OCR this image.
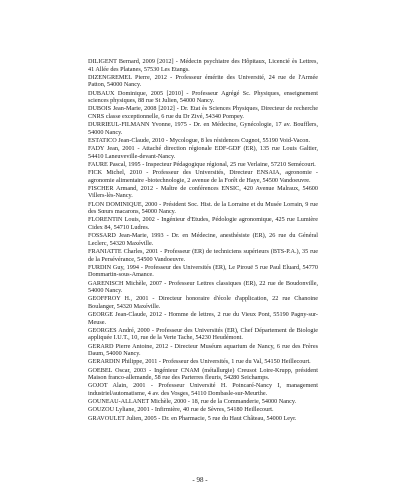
DILIGENT Bernard, 2009 [2012] - Médecin psychiatre des Hôpitaux, Licencié ès Lettres, 41 Allée des Platanes, 57530 Les Etangs.

DIZENGREMEL Pierre, 2012 - Professeur émérite des Université, 24 rue de l'Armée Patton, 54000 Nancy.

DUBAUX Dominique, 2005 [2010] - Professeur Agrégé Sc. Physiques, enseignement sciences physiques, 88 rue St Julien, 54000 Nancy.

DUBOIS Jean-Marie, 2008 [2012] - Dr. Etat ès Sciences Physiques, Directeur de recherche CNRS classe exceptionnelle, 6 rue du Dr Zivé, 54340 Pompey.

DURRIEUL-FILMANN Yvonne, 1975 - Dr. en Médecine, Gynécologie, 17 av. Boufflers, 54000 Nancy.

ESTATICO Jean-Claude, 2010 - Mycologue, 8 les résidences Cugnot, 55190 Void-Vacon.

FADY Jean, 2001 - Attaché direction régionale EDF-GDF (ER), 135 rue Louis Galtier, 54410 Laneuveville-devant-Nancy.

FAURE Pascal, 1995 - Inspecteur Pédagogique régional, 25 rue Verlaine, 57210 Semécourt.

FICK Michel, 2010 - Professeur des Universités, Directeur ENSAIA, agronomie - agronomie alimentaire -biotechnologie, 2 avenue de la Forêt de Haye, 54500 Vandoeuvre.

FISCHER Armand, 2012 - Maître de conférences ENSIC, 420 Avenue Malraux, 54600 Villers-lès-Nancy.

FLON DOMINIQUE, 2000 - Président Soc. Hist. de la Lorraine et du Musée Lorrain, 9 rue des Sœurs macarons, 54000 Nancy.

FLORENTIN Louis, 2002 - Ingénieur d'Etudes, Pédologie agronomique, 425 rue Lumière Cidex 84, 54710 Ludres.

FOSSARD Jean-Marie, 1993 - Dr. en Médecine, anesthésiste (ER), 26 rue du Général Leclerc, 54320 Maxéville.

FRANIATTE Charles, 2001 - Professeur (ER) de techniciens supérieurs (BTS-P.A.), 35 rue de la Persévérance, 54500 Vandoeuvre.

FURDIN Guy, 1994 - Professeur des Universités (ER), Le Pirouë 5 rue Paul Eluard, 54770 Dommartin-sous-Amance.

GARENISCH Michèle, 2007 - Professeur Lettres classiques (ER), 22 rue de Boudonville, 54000 Nancy.

GEOFFROY H., 2001 - Directeur honoraire d'école d'application, 22 rue Chanoine Boulanger, 54320 Maxéville.

GEORGE Jean-Claude, 2012 - Homme de lettres, 2 rue du Vieux Pont, 55190 Pagny-sur-Meuse.

GEORGES André, 2000 - Professeur des Universités (ER), Chef Département de Biologie appliquée I.U.T., 10, rue de la Verte Tache, 54230 Heudémont.

GERARD Pierre Antoine, 2012 - Directeur Muséum aquarium de Nancy, 6 rue des Frères Daum, 54000 Nancy.

GERARDIN Philippe, 2011 - Professeur des Universités, 1 rue du Val, 54150 Heillecourt.

GOEBEL Oscar, 2003 - Ingénieur CNAM (métallurgie) Creusot Loire-Krupp, président Maison franco-allemande, 58 rue des Parterres fleuris, 54280 Seichamps.

GOJOT Alain, 2001 - Professeur Université H. Poincaré-Nancy I, management industriel/automatisme, 4 av. des Vosges, 54110 Dombasle-sur-Meurthe.

GOUNEAU-ALLANET Michèle, 2000 - 18, rue de la Commanderie, 54000 Nancy.

GOUZOU Lyliane, 2001 - Infirmière, 40 rue de Sèvres, 54180 Heillecourt.

GRAVOULET Julien, 2005 - Dr. en Pharmacie, 5 rue du Haut Château, 54000 Leyr.

- 98 -
